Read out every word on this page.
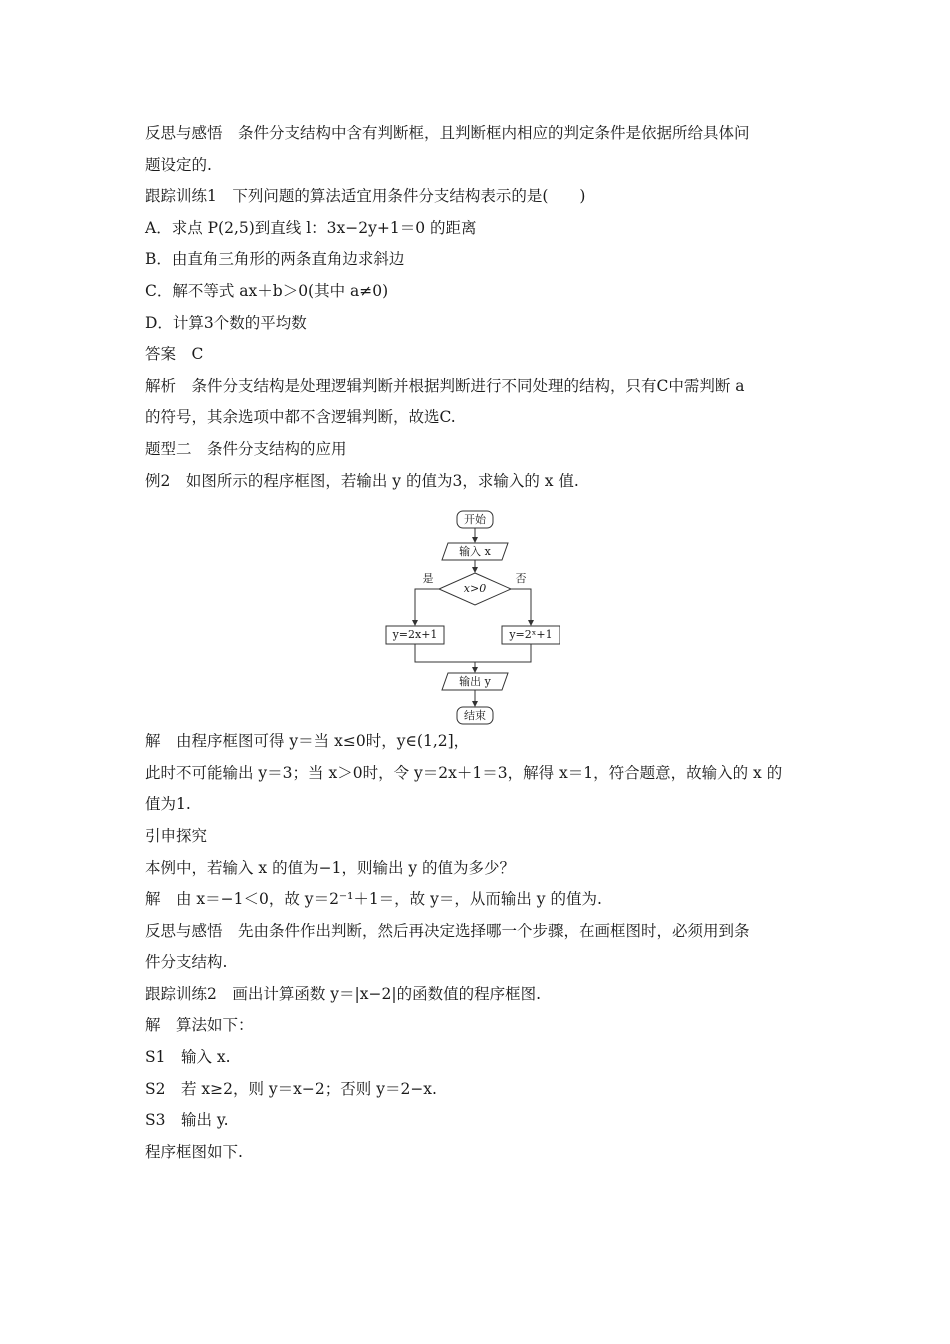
反思与感悟　条件分支结构中含有判断框，且判断框内相应的判定条件是依据所给具体问

题设定的.

跟踪训练1　下列问题的算法适宜用条件分支结构表示的是(　　)

A．求点 P(2,5)到直线 l：3x−2y+1＝0 的距离

B．由直角三角形的两条直角边求斜边

C．解不等式 ax＋b＞0(其中 a≠0)

D．计算3个数的平均数

答案　C

解析　条件分支结构是处理逻辑判断并根据判断进行不同处理的结构，只有C中需判断 a

的符号，其余选项中都不含逻辑判断，故选C.

题型二　条件分支结构的应用

例2　如图所示的程序框图，若输出 y 的值为3，求输入的 x 值.

解　由程序框图可得 y＝当 x≤0时，y∈(1,2]，

此时不可能输出 y＝3；当 x＞0时，令 y＝2x＋1＝3，解得 x＝1，符合题意，故输入的 x 的

值为1.

引申探究

本例中，若输入 x 的值为−1，则输出 y 的值为多少？

解　由 x＝−1＜0，故 y＝2⁻¹＋1＝，故 y＝，从而输出 y 的值为.

反思与感悟　先由条件作出判断，然后再决定选择哪一个步骤，在画框图时，必须用到条

件分支结构.

跟踪训练2　画出计算函数 y＝|x−2|的函数值的程序框图.

解　算法如下：

S1　输入 x.

S2　若 x≥2，则 y＝x−2；否则 y＝2−x.

S3　输出 y.

程序框图如下.

开始
输入 x
x>0
是	否
y=2x+1	y=2ˣ+1
输出 y
结束
